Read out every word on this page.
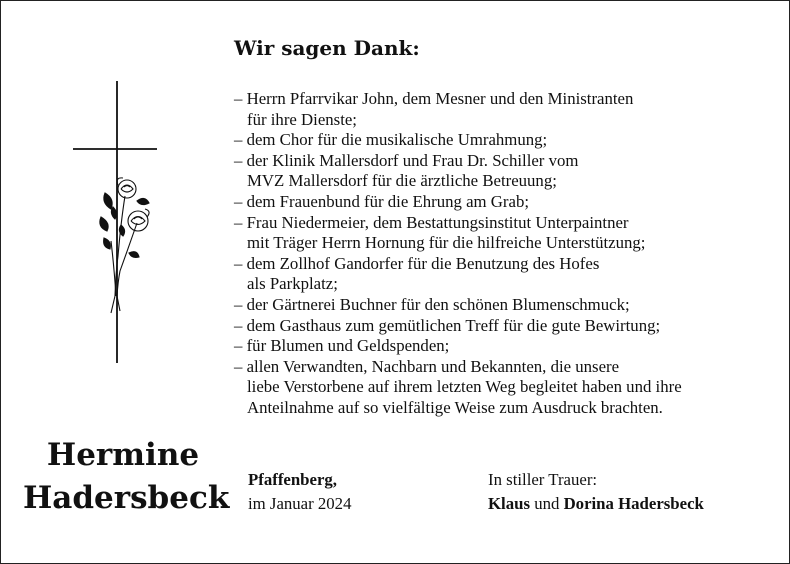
Hermine
Hadersbeck
Wir sagen Dank:
– Herrn Pfarrvikar John, dem Mesner und den Ministranten
für ihre Dienste;
– dem Chor für die musikalische Umrahmung;
– der Klinik Mallersdorf und Frau Dr. Schiller vom
MVZ Mallersdorf für die ärztliche Betreuung;
– dem Frauenbund für die Ehrung am Grab;
– Frau Niedermeier, dem Bestattungsinstitut Unterpaintner
mit Träger Herrn Hornung für die hilfreiche Unterstützung;
– dem Zollhof Gandorfer für die Benutzung des Hofes
als Parkplatz;
– der Gärtnerei Buchner für den schönen Blumenschmuck;
– dem Gasthaus zum gemütlichen Treff für die gute Bewirtung;
– für Blumen und Geldspenden;
– allen Verwandten, Nachbarn und Bekannten, die unsere
liebe Verstorbene auf ihrem letzten Weg begleitet haben und ihre
Anteilnahme auf so vielfältige Weise zum Ausdruck brachten.
Pfaffenberg,
im Januar 2024
In stiller Trauer:
Klaus und Dorina Hadersbeck
